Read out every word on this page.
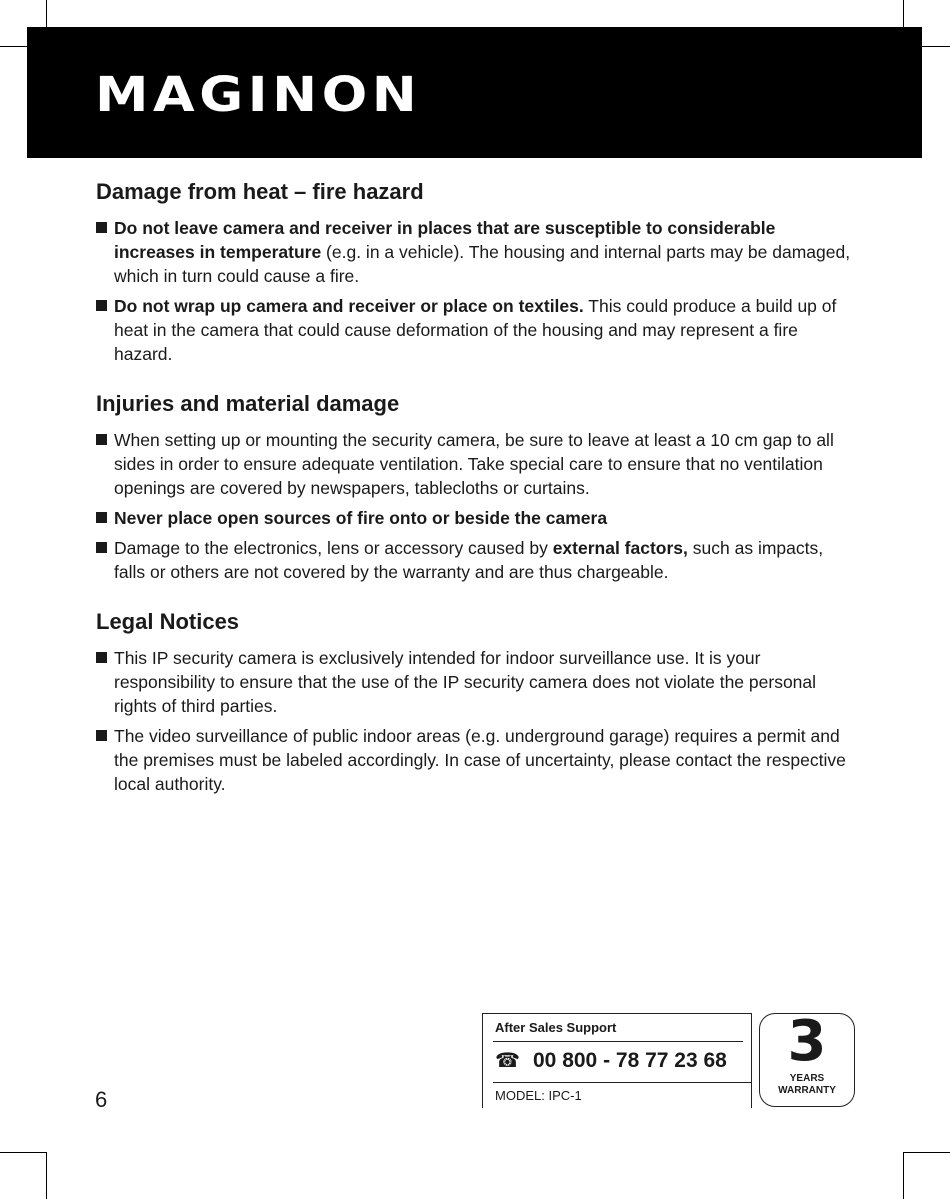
MAGINON
Damage from heat – fire hazard
Do not leave camera and receiver in places that are susceptible to considerable increases in temperature (e.g. in a vehicle). The housing and internal parts may be damaged, which in turn could cause a fire.
Do not wrap up camera and receiver or place on textiles. This could produce a build up of heat in the camera that could cause deformation of the housing and may represent a fire hazard.
Injuries and material damage
When setting up or mounting the security camera, be sure to leave at least a 10 cm gap to all sides in order to ensure adequate ventilation. Take special care to ensure that no ventilation openings are covered by newspapers, tablecloths or curtains.
Never place open sources of fire onto or beside the camera
Damage to the electronics, lens or accessory caused by external factors, such as impacts, falls or others are not covered by the warranty and are thus chargeable.
Legal Notices
This IP security camera is exclusively intended for indoor surveillance use. It is your responsibility to ensure that the use of the IP security camera does not violate the personal rights of third parties.
The video surveillance of public indoor areas (e.g. underground garage) requires a permit and the premises must be labeled accordingly. In case of uncertainty, please contact the respective local authority.
6
After Sales Support
☎ 00 800 - 78 77 23 68
MODEL: IPC-1
3
YEARS
WARRANTY
